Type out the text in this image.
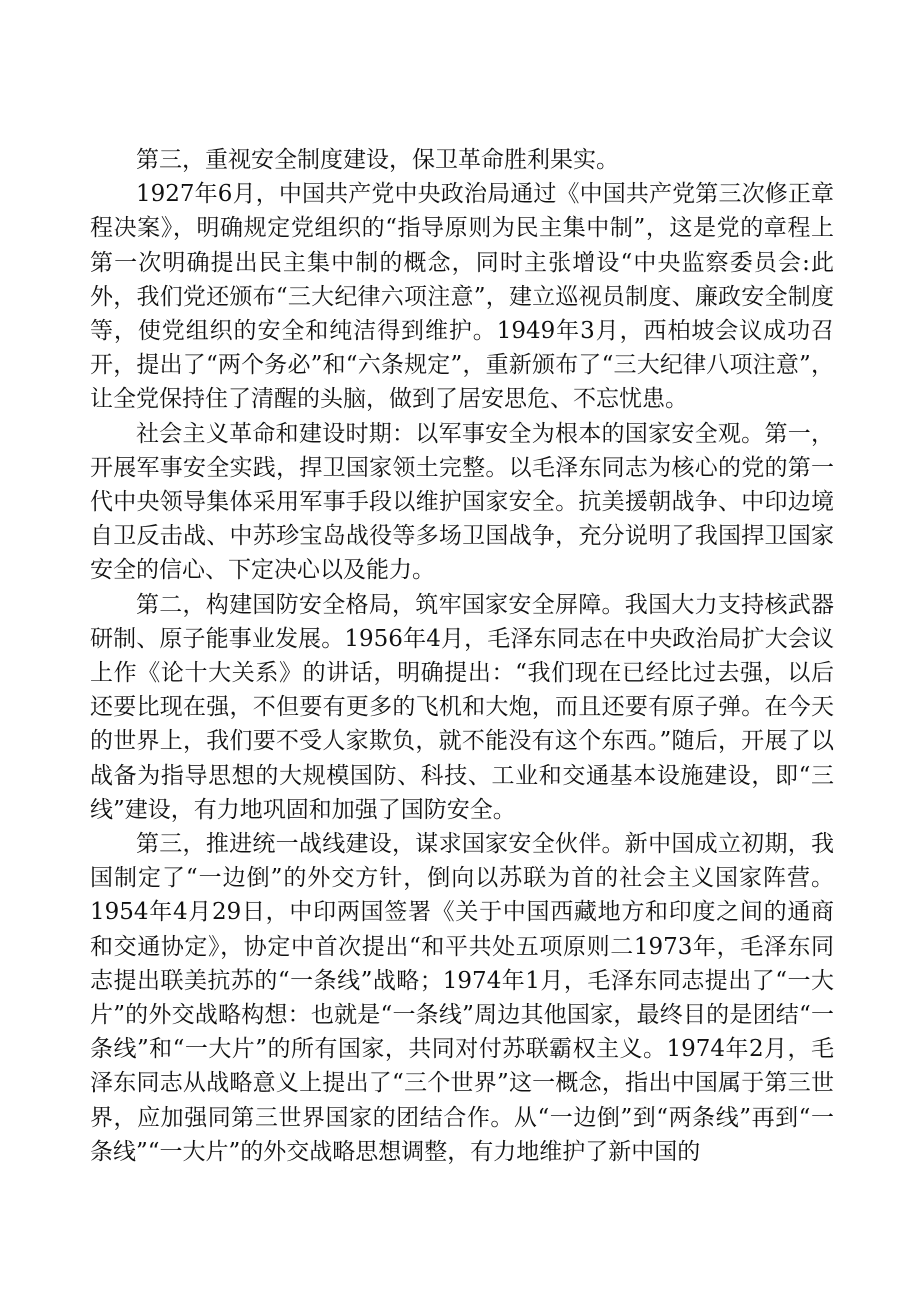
第三，重视安全制度建设，保卫革命胜利果实。

1927年6月，中国共产党中央政治局通过《中国共产党第三次修正章程决案》，明确规定党组织的“指导原则为民主集中制”，这是党的章程上第一次明确提出民主集中制的概念，同时主张增设“中央监察委员会:此外，我们党还颁布“三大纪律六项注意”，建立巡视员制度、廉政安全制度等，使党组织的安全和纯洁得到维护。1949年3月，西柏坡会议成功召开，提出了“两个务必”和“六条规定”，重新颁布了“三大纪律八项注意”，让全党保持住了清醒的头脑，做到了居安思危、不忘忧患。

社会主义革命和建设时期：以军事安全为根本的国家安全观。第一，开展军事安全实践，捍卫国家领土完整。以毛泽东同志为核心的党的第一代中央领导集体采用军事手段以维护国家安全。抗美援朝战争、中印边境自卫反击战、中苏珍宝岛战役等多场卫国战争，充分说明了我国捍卫国家安全的信心、下定决心以及能力。

第二，构建国防安全格局，筑牢国家安全屏障。我国大力支持核武器研制、原子能事业发展。1956年4月，毛泽东同志在中央政治局扩大会议上作《论十大关系》的讲话，明确提出：“我们现在已经比过去强，以后还要比现在强，不但要有更多的飞机和大炮，而且还要有原子弹。在今天的世界上，我们要不受人家欺负，就不能没有这个东西。”随后，开展了以战备为指导思想的大规模国防、科技、工业和交通基本设施建设，即“三线”建设，有力地巩固和加强了国防安全。

第三，推进统一战线建设，谋求国家安全伙伴。新中国成立初期，我国制定了“一边倒”的外交方针，倒向以苏联为首的社会主义国家阵营。1954年4月29日，中印两国签署《关于中国西藏地方和印度之间的通商和交通协定》，协定中首次提出“和平共处五项原则二1973年，毛泽东同志提出联美抗苏的“一条线”战略；1974年1月，毛泽东同志提出了“一大片”的外交战略构想：也就是“一条线”周边其他国家，最终目的是团结“一条线”和“一大片”的所有国家，共同对付苏联霸权主义。1974年2月，毛泽东同志从战略意义上提出了“三个世界”这一概念，指出中国属于第三世界，应加强同第三世界国家的团结合作。从“一边倒”到“两条线”再到“一条线”“一大片”的外交战略思想调整，有力地维护了新中国的
